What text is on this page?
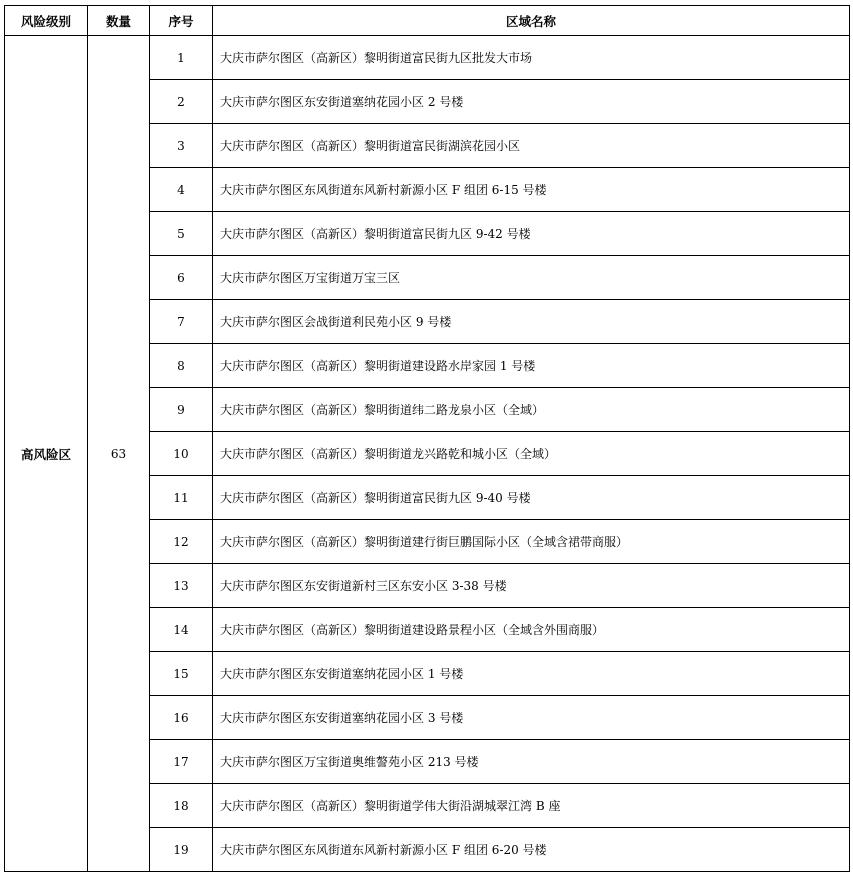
风险级别	数量	序号	区域名称
高风险区	63	1	大庆市萨尔图区（高新区）黎明街道富民街九区批发大市场
		2	大庆市萨尔图区东安街道塞纳花园小区 2 号楼
		3	大庆市萨尔图区（高新区）黎明街道富民街湖滨花园小区
		4	大庆市萨尔图区东风街道东风新村新源小区 F 组团 6-15 号楼
		5	大庆市萨尔图区（高新区）黎明街道富民街九区 9-42 号楼
		6	大庆市萨尔图区万宝街道万宝三区
		7	大庆市萨尔图区会战街道利民苑小区 9 号楼
		8	大庆市萨尔图区（高新区）黎明街道建设路水岸家园 1 号楼
		9	大庆市萨尔图区（高新区）黎明街道纬二路龙泉小区（全域）
		10	大庆市萨尔图区（高新区）黎明街道龙兴路乾和城小区（全域）
		11	大庆市萨尔图区（高新区）黎明街道富民街九区 9-40 号楼
		12	大庆市萨尔图区（高新区）黎明街道建行街巨鹏国际小区（全域含裙带商服）
		13	大庆市萨尔图区东安街道新村三区东安小区 3-38 号楼
		14	大庆市萨尔图区（高新区）黎明街道建设路景程小区（全域含外围商服）
		15	大庆市萨尔图区东安街道塞纳花园小区 1 号楼
		16	大庆市萨尔图区东安街道塞纳花园小区 3 号楼
		17	大庆市萨尔图区万宝街道奥维謷苑小区 213 号楼
		18	大庆市萨尔图区（高新区）黎明街道学伟大街沿湖城翠江湾 B 座
		19	大庆市萨尔图区东风街道东风新村新源小区 F 组团 6-20 号楼
